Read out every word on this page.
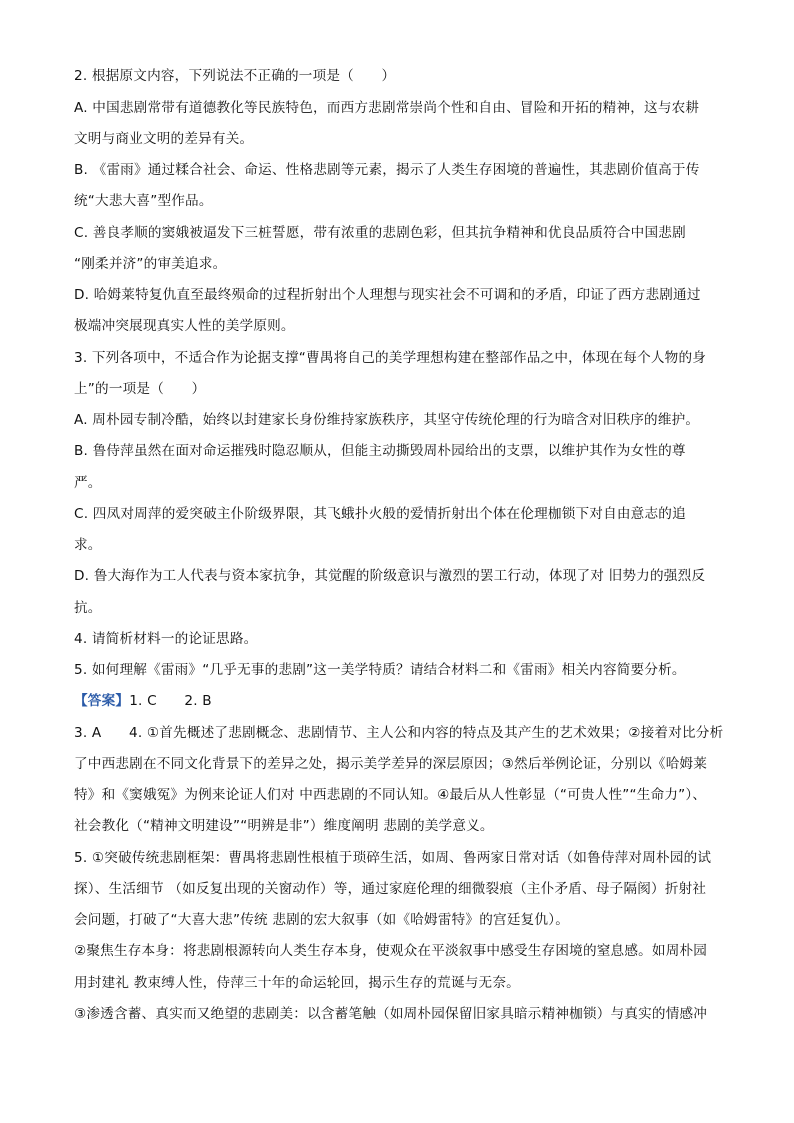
2. 根据原文内容，下列说法不正确的一项是（　　）
A. 中国悲剧常带有道德教化等民族特色，而西方悲剧常崇尚个性和自由、冒险和开拓的精神，这与农耕
文明与商业文明的差异有关。
B. 《雷雨》通过糅合社会、命运、性格悲剧等元素，揭示了人类生存困境的普遍性，其悲剧价值高于传
统“大悲大喜”型作品。
C. 善良孝顺的窦娥被逼发下三桩誓愿，带有浓重的悲剧色彩，但其抗争精神和优良品质符合中国悲剧
“刚柔并济”的审美追求。
D. 哈姆莱特复仇直至最终殒命的过程折射出个人理想与现实社会不可调和的矛盾，印证了西方悲剧通过
极端冲突展现真实人性的美学原则。
3. 下列各项中，不适合作为论据支撑“曹禺将自己的美学理想构建在整部作品之中，体现在每个人物的身
上”的一项是（　　）
A. 周朴园专制冷酷，始终以封建家长身份维持家族秩序，其坚守传统伦理的行为暗含对旧秩序的维护。
B. 鲁侍萍虽然在面对命运摧残时隐忍顺从，但能主动撕毁周朴园给出的支票，以维护其作为女性的尊
严。
C. 四凤对周萍的爱突破主仆阶级界限，其飞蛾扑火般的爱情折射出个体在伦理枷锁下对自由意志的追
求。
D. 鲁大海作为工人代表与资本家抗争，其觉醒的阶级意识与激烈的罢工行动，体现了对 旧势力的强烈反
抗。
4. 请简析材料一的论证思路。
5. 如何理解《雷雨》“几乎无事的悲剧”这一美学特质？请结合材料二和《雷雨》相关内容简要分析。
【答案】1. C　　2. B
3. A　　4. ①首先概述了悲剧概念、悲剧情节、主人公和内容的特点及其产生的艺术效果；②接着对比分析
了中西悲剧在不同文化背景下的差异之处，揭示美学差异的深层原因；③然后举例论证，分别以《哈姆莱
特》和《窦娥冤》为例来论证人们对 中西悲剧的不同认知。④最后从人性彰显（“可贵人性”“生命力”）、
社会教化（“精神文明建设”“明辨是非”）维度阐明 悲剧的美学意义。
5. ①突破传统悲剧框架：曹禺将悲剧性根植于琐碎生活，如周、鲁两家日常对话（如鲁侍萍对周朴园的试
探）、生活细节 （如反复出现的关窗动作）等，通过家庭伦理的细微裂痕（主仆矛盾、母子隔阂）折射社
会问题，打破了“大喜大悲”传统 悲剧的宏大叙事（如《哈姆雷特》的宫廷复仇）。
②聚焦生存本身：将悲剧根源转向人类生存本身，使观众在平淡叙事中感受生存困境的窒息感。如周朴园
用封建礼 教束缚人性，侍萍三十年的命运轮回，揭示生存的荒诞与无奈。
③渗透含蓄、真实而又绝望的悲剧美：以含蓄笔触（如周朴园保留旧家具暗示精神枷锁）与真实的情感冲
